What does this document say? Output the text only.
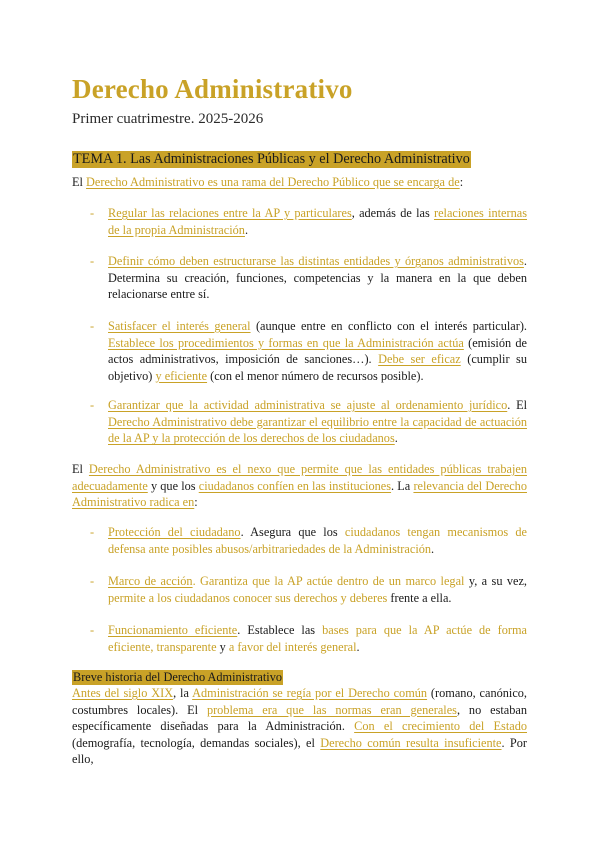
Derecho Administrativo

Primer cuatrimestre. 2025-2026

TEMA 1. Las Administraciones Públicas y el Derecho Administrativo

El Derecho Administrativo es una rama del Derecho Público que se encarga de:

- Regular las relaciones entre la AP y particulares, además de las relaciones internas de la propia Administración.
- Definir cómo deben estructurarse las distintas entidades y órganos administrativos. Determina su creación, funciones, competencias y la manera en la que deben relacionarse entre sí.
- Satisfacer el interés general (aunque entre en conflicto con el interés particular). Establece los procedimientos y formas en que la Administración actúa (emisión de actos administrativos, imposición de sanciones…). Debe ser eficaz (cumplir su objetivo) y eficiente (con el menor número de recursos posible).
- Garantizar que la actividad administrativa se ajuste al ordenamiento jurídico. El Derecho Administrativo debe garantizar el equilibrio entre la capacidad de actuación de la AP y la protección de los derechos de los ciudadanos.

El Derecho Administrativo es el nexo que permite que las entidades públicas trabajen adecuadamente y que los ciudadanos confíen en las instituciones. La relevancia del Derecho Administrativo radica en:

- Protección del ciudadano. Asegura que los ciudadanos tengan mecanismos de defensa ante posibles abusos/arbitrariedades de la Administración.
- Marco de acción. Garantiza que la AP actúe dentro de un marco legal y, a su vez, permite a los ciudadanos conocer sus derechos y deberes frente a ella.
- Funcionamiento eficiente. Establece las bases para que la AP actúe de forma eficiente, transparente y a favor del interés general.
Breve historia del Derecho Administrativo

Antes del siglo XIX, la Administración se regía por el Derecho común (romano, canónico, costumbres locales). El problema era que las normas eran generales, no estaban específicamente diseñadas para la Administración. Con el crecimiento del Estado (demografía, tecnología, demandas sociales), el Derecho común resulta insuficiente. Por ello,
